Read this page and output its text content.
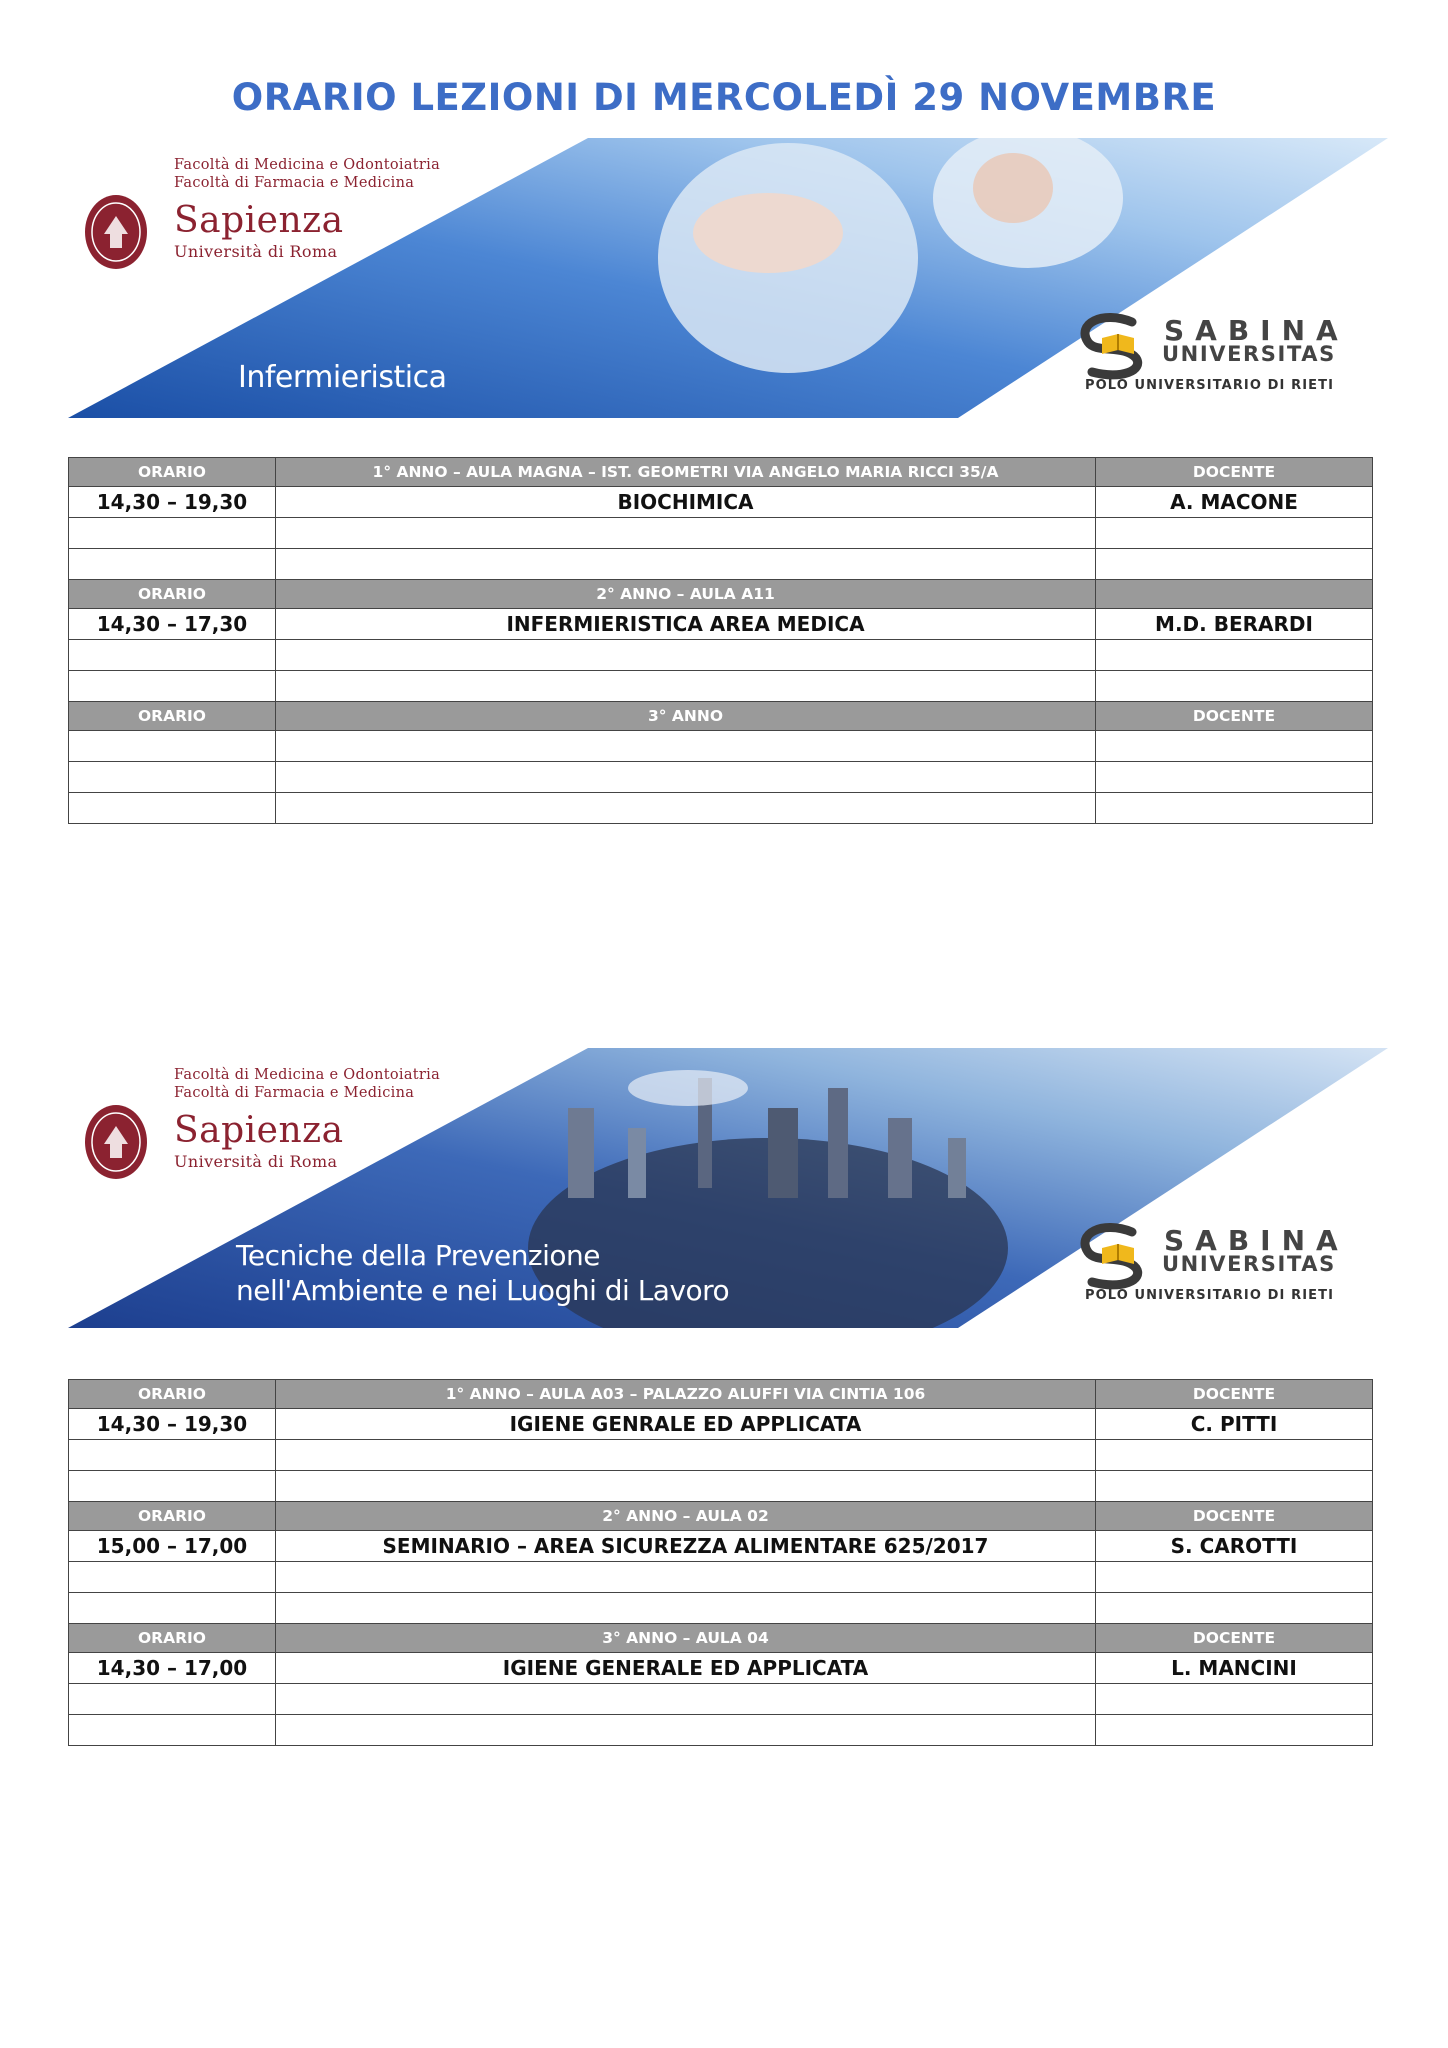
ORARIO LEZIONI DI MERCOLEDÌ 29 NOVEMBRE
Facoltà di Medicina e Odontoiatria
Facoltà di Farmacia e Medicina
Sapienza
Università di Roma
Infermieristica
SABINA
UNIVERSITAS
POLO UNIVERSITARIO DI RIETI
ORARIO	1° ANNO – AULA MAGNA – IST. GEOMETRI VIA ANGELO MARIA RICCI 35/A	DOCENTE
14,30 – 19,30	BIOCHIMICA	A. MACONE

ORARIO	2° ANNO – AULA A11	
14,30 – 17,30	INFERMIERISTICA AREA MEDICA	M.D. BERARDI

ORARIO	3° ANNO	DOCENTE

Facoltà di Medicina e Odontoiatria
Facoltà di Farmacia e Medicina
Sapienza
Università di Roma
Tecniche della Prevenzione
nell'Ambiente e nei Luoghi di Lavoro
SABINA
UNIVERSITAS
POLO UNIVERSITARIO DI RIETI
ORARIO	1° ANNO – AULA A03 – PALAZZO ALUFFI VIA CINTIA 106	DOCENTE
14,30 – 19,30	IGIENE GENRALE ED APPLICATA	C. PITTI

ORARIO	2° ANNO – AULA 02	DOCENTE
15,00 – 17,00	SEMINARIO – AREA SICUREZZA ALIMENTARE 625/2017	S. CAROTTI

ORARIO	3° ANNO – AULA 04	DOCENTE
14,30 – 17,00	IGIENE GENERALE ED APPLICATA	L. MANCINI
